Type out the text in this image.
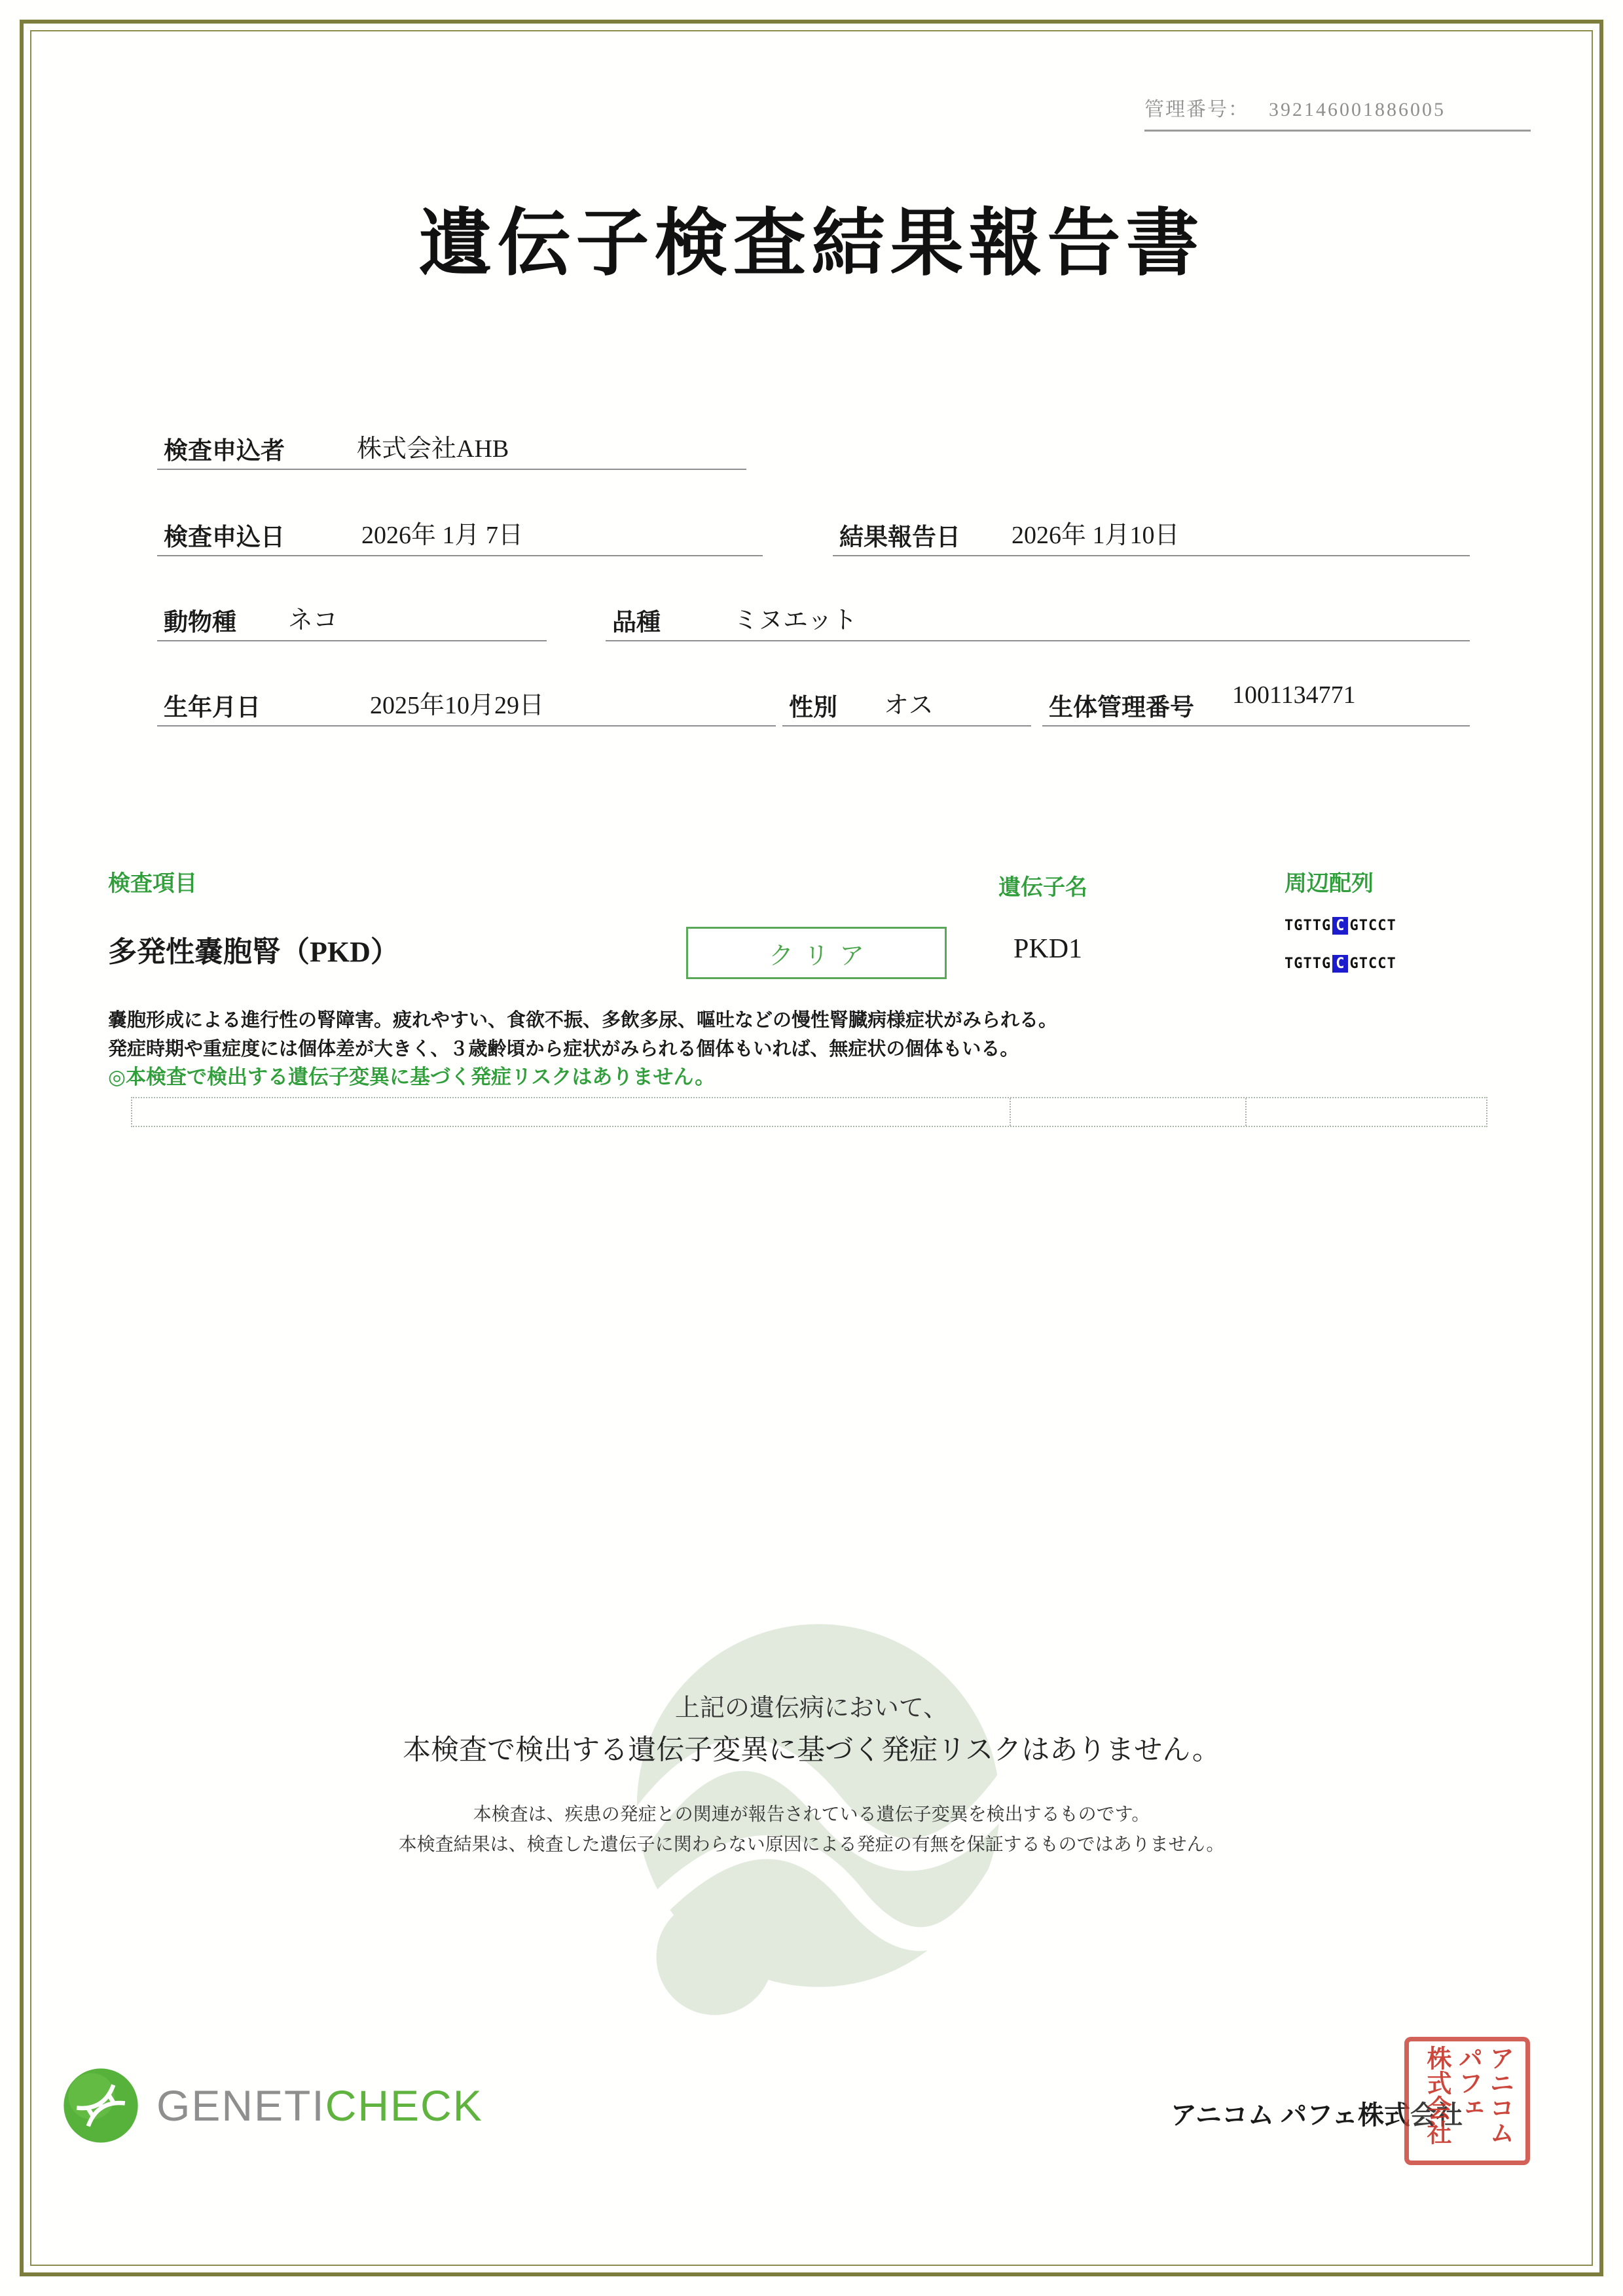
管理番号： 392146001886005
遺伝子検査結果報告書
検査申込者	株式会社AHB
検査申込日	2026年 1月 7日	結果報告日 2026年 1月10日
動物種 ネコ	品種	ミヌエット
生年月日	2025年10月29日	性別 オス	生体管理番号 1001134771
検査項目	遺伝子名	周辺配列
多発性嚢胞腎（PKD）	クリア	PKD1
TGTTG C GTCCT
TGTTG C GTCCT
嚢胞形成による進行性の腎障害。疲れやすい、食欲不振、多飲多尿、嘔吐などの慢性腎臓病様症状がみられる。
発症時期や重症度には個体差が大きく、３歳齢頃から症状がみられる個体もいれば、無症状の個体もいる。
◎本検査で検出する遺伝子変異に基づく発症リスクはありません。
上記の遺伝病において、
本検査で検出する遺伝子変異に基づく発症リスクはありません。
本検査は、疾患の発症との関連が報告されている遺伝子変異を検出するものです。
本検査結果は、検査した遺伝子に関わらない原因による発症の有無を保証するものではありません。
GENETICHECK	アニコム パフェ株式会社 アニコム
パフェ
株式会社
